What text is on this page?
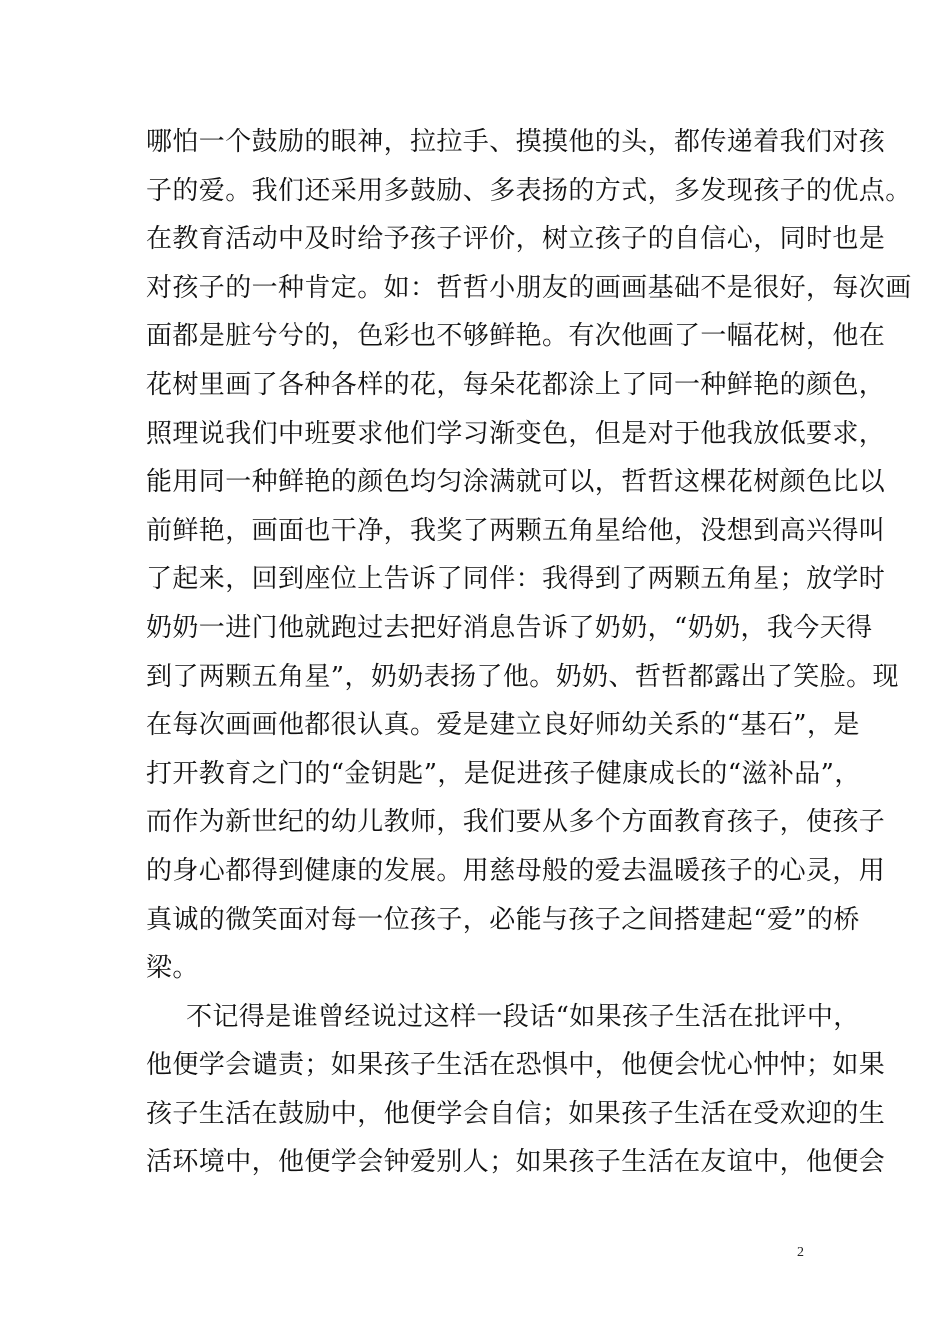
哪怕一个鼓励的眼神，拉拉手、摸摸他的头，都传递着我们对孩
子的爱。我们还采用多鼓励、多表扬的方式，多发现孩子的优点。
在教育活动中及时给予孩子评价，树立孩子的自信心，同时也是
对孩子的一种肯定。如：哲哲小朋友的画画基础不是很好，每次画
面都是脏兮兮的，色彩也不够鲜艳。有次他画了一幅花树，他在
花树里画了各种各样的花，每朵花都涂上了同一种鲜艳的颜色，
照理说我们中班要求他们学习渐变色，但是对于他我放低要求，
能用同一种鲜艳的颜色均匀涂满就可以，哲哲这棵花树颜色比以
前鲜艳，画面也干净，我奖了两颗五角星给他，没想到高兴得叫
了起来，回到座位上告诉了同伴：我得到了两颗五角星；放学时
奶奶一进门他就跑过去把好消息告诉了奶奶，“奶奶，我今天得
到了两颗五角星”，奶奶表扬了他。奶奶、哲哲都露出了笑脸。现
在每次画画他都很认真。爱是建立良好师幼关系的“基石”，是
打开教育之门的“金钥匙”，是促进孩子健康成长的“滋补品”，
而作为新世纪的幼儿教师，我们要从多个方面教育孩子，使孩子
的身心都得到健康的发展。用慈母般的爱去温暖孩子的心灵，用
真诚的微笑面对每一位孩子，必能与孩子之间搭建起“爱”的桥
梁。
不记得是谁曾经说过这样一段话“如果孩子生活在批评中，
他便学会谴责；如果孩子生活在恐惧中，他便会忧心忡忡；如果
孩子生活在鼓励中，他便学会自信；如果孩子生活在受欢迎的生
活环境中，他便学会钟爱别人；如果孩子生活在友谊中，他便会
2
